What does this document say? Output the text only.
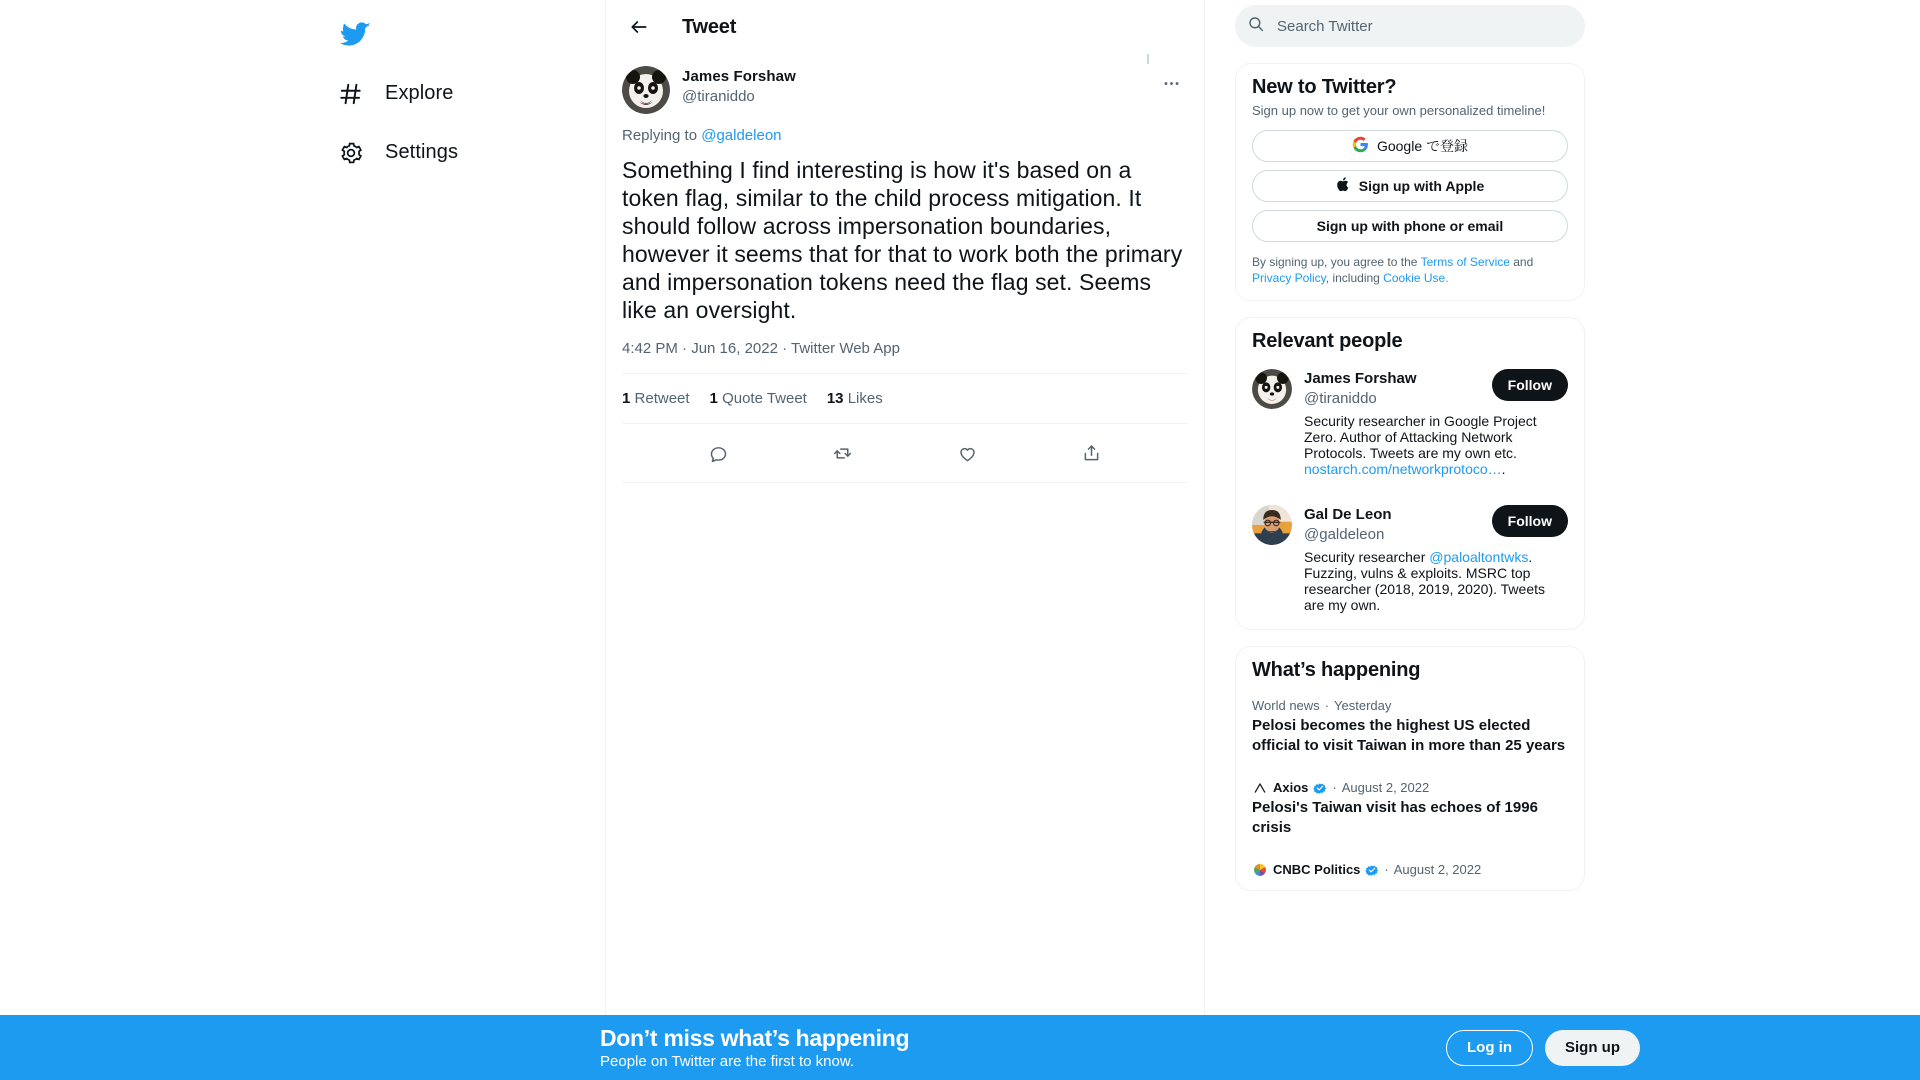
Explore
Settings
Tweet
James Forshaw
@tiraniddo
Replying to @galdeleon
Something I find interesting is how it's based on a token flag, similar to the child process mitigation. It should follow across impersonation boundaries, however it seems that for that to work both the primary and impersonation tokens need the flag set. Seems like an oversight.
4:42 PM · Jun 16, 2022 · Twitter Web App
1 Retweet 1 Quote Tweet 13 Likes
Search Twitter
New to Twitter?
Sign up now to get your own personalized timeline!
Google で登録
Sign up with Apple
Sign up with phone or email
By signing up, you agree to the Terms of Service and Privacy Policy, including Cookie Use.
Relevant people
James Forshaw
@tiraniddo
Follow
Security researcher in Google Project Zero. Author of Attacking Network Protocols. Tweets are my own etc. nostarch.com/networkprotoco….
Gal De Leon
@galdeleon
Follow
Security researcher @paloaltontwks. Fuzzing, vulns & exploits. MSRC top researcher (2018, 2019, 2020). Tweets are my own.
What’s happening
World news · Yesterday
Pelosi becomes the highest US elected official to visit Taiwan in more than 25 years
Axios · August 2, 2022
Pelosi's Taiwan visit has echoes of 1996 crisis
CNBC Politics · August 2, 2022
Don’t miss what’s happening
People on Twitter are the first to know.
Log in	Sign up
